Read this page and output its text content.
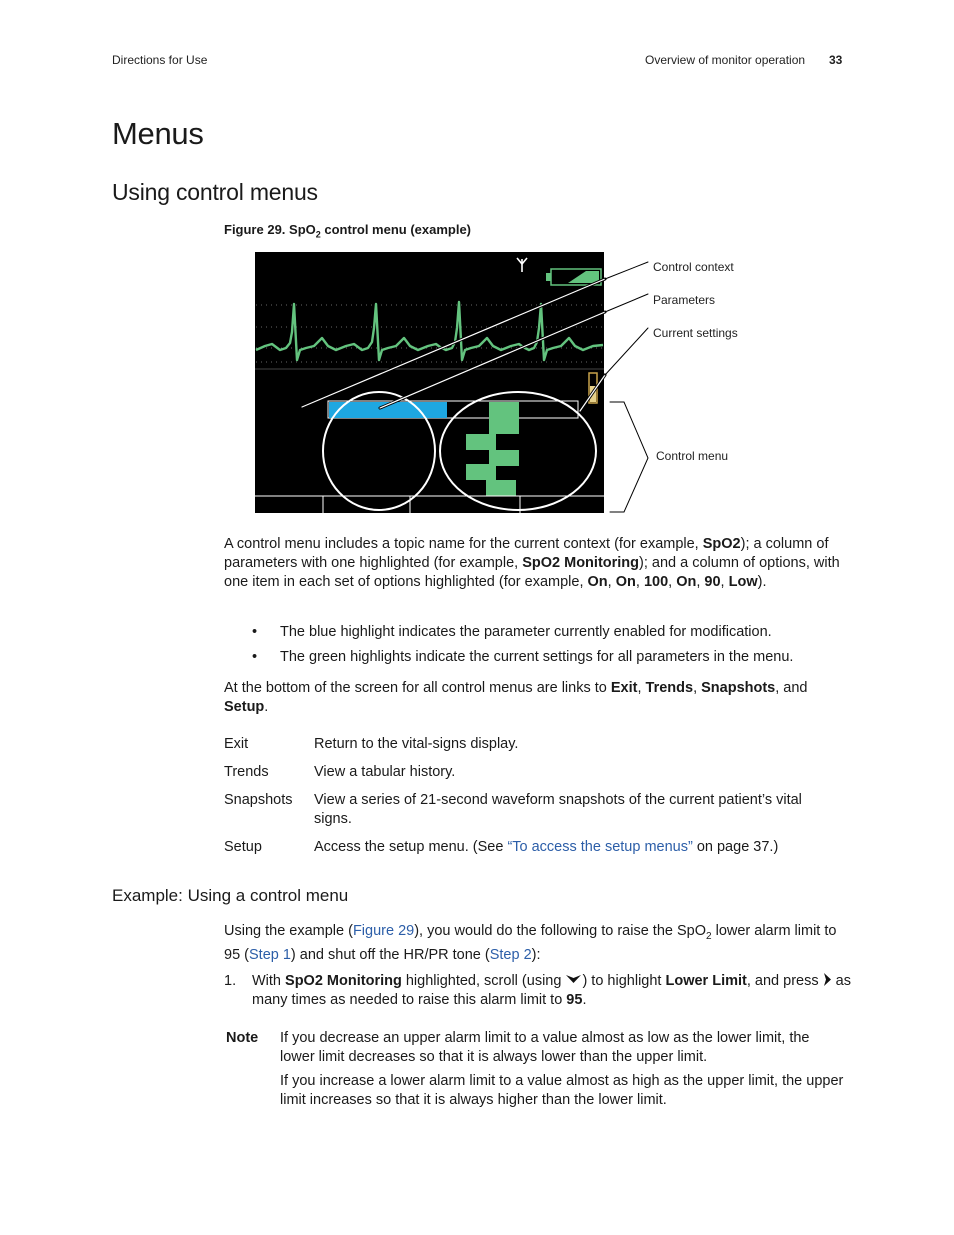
Directions for Use	Overview of monitor operation 33
Menus
Using control menus
Figure 29. SpO$_2$ control menu (example)
Control context
Parameters
Current settings
Control menu
A control menu includes a topic name for the current context (for example, SpO2); a column of parameters with one highlighted (for example, SpO2 Monitoring); and a column of options, with one item in each set of options highlighted (for example, On, On, 100, On, 90, Low).
• The blue highlight indicates the parameter currently enabled for modification.
• The green highlights indicate the current settings for all parameters in the menu.
At the bottom of the screen for all control menus are links to Exit, Trends, Snapshots, and Setup.
Exit	Return to the vital-signs display.
Trends	View a tabular history.
Snapshots View a series of 21-second waveform snapshots of the current patient’s vital signs.
Setup	Access the setup menu. (See “To access the setup menus” on page 37.)
Example: Using a control menu
Using the example (Figure 29), you would do the following to raise the SpO$_2$ lower alarm limit to 95 (Step 1) and shut off the HR/PR tone (Step 2):
1. With SpO2 Monitoring highlighted, scroll (using ) to highlight Lower Limit, and press  as many times as needed to raise this alarm limit to 95.
Note If you decrease an upper alarm limit to a value almost as low as the lower limit, the lower limit decreases so that it is always lower than the upper limit.
If you increase a lower alarm limit to a value almost as high as the upper limit, the upper limit increases so that it is always higher than the lower limit.
